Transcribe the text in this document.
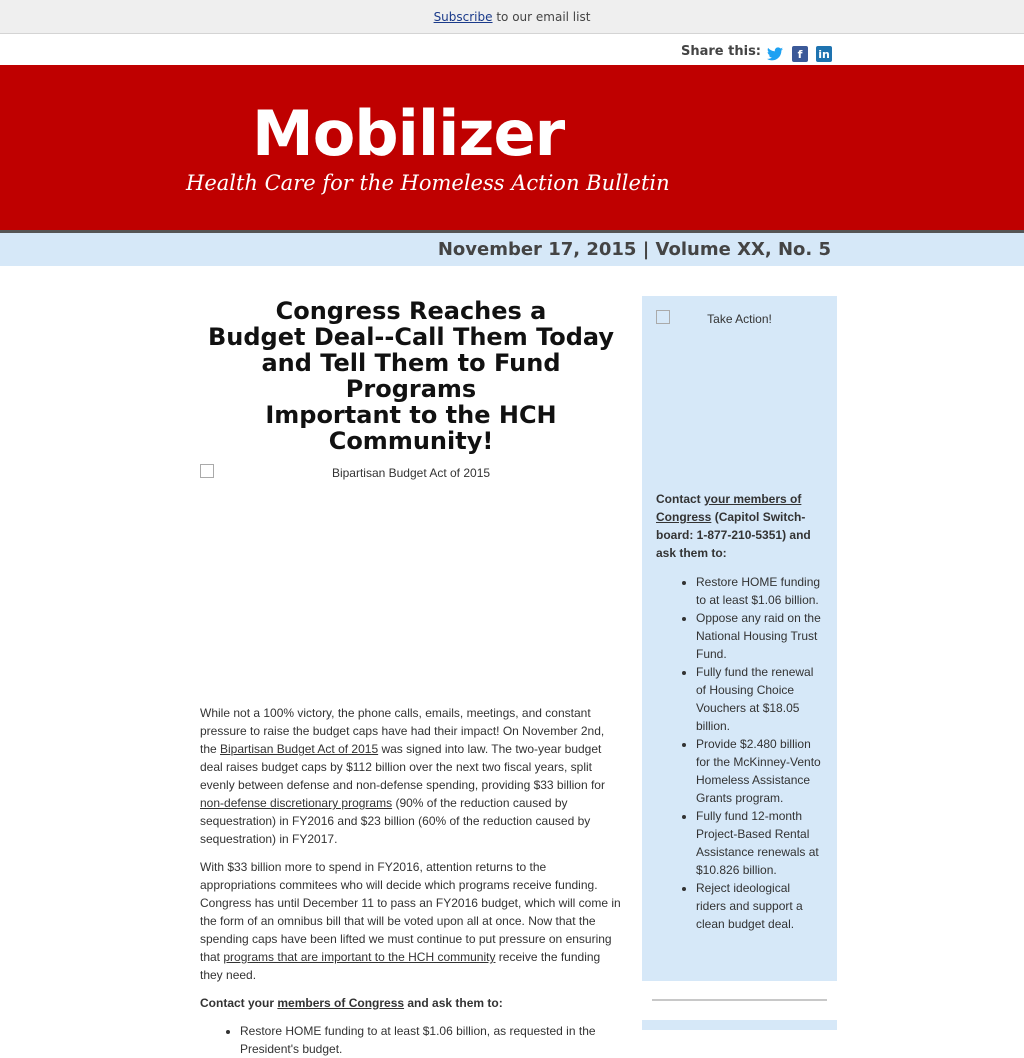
Subscribe to our email list
Share this:	f	in
Mobilizer
Health Care for the Homeless Action Bulletin
November 17, 2015 | Volume XX, No. 5
Congress Reaches a
Budget Deal--Call Them Today
and Tell Them to Fund Programs
Important to the HCH Community!
Bipartisan Budget Act of 2015

While not a 100% victory, the phone calls, emails, meetings, and constant pressure to raise the budget caps have had their impact! On November 2nd, the Bipartisan Budget Act of 2015 was signed into law. The two-year budget deal raises budget caps by $112 billion over the next two fiscal years, split evenly between defense and non-defense spending, providing $33 billion for non-defense discretionary programs (90% of the reduction caused by sequestration) in FY2016 and $23 billion (60% of the reduction caused by sequestration) in FY2017.

With $33 billion more to spend in FY2016, attention returns to the appropriations commitees who will decide which programs receive funding. Congress has until December 11 to pass an FY2016 budget, which will come in the form of an omnibus bill that will be voted upon all at once. Now that the spending caps have been lifted we must continue to put pressure on ensuring that programs that are important to the HCH community receive the funding they need.

Contact your members of Congress and ask them to:

• Restore HOME funding to at least $1.06 billion, as requested in the President's budget.
Take Action!

Contact your members of Congress (Capitol Switch-board: 1-877-210-5351) and ask them to:

• Restore HOME funding to at least $1.06 billion.
• Oppose any raid on the National Housing Trust Fund.
• Fully fund the renewal of Housing Choice Vouchers at $18.05 billion.
• Provide $2.480 billion for the McKinney-Vento Homeless Assistance Grants program.
• Fully fund 12-month Project-Based Rental Assistance renewals at $10.826 billion.
• Reject ideological riders and support a clean budget deal.
